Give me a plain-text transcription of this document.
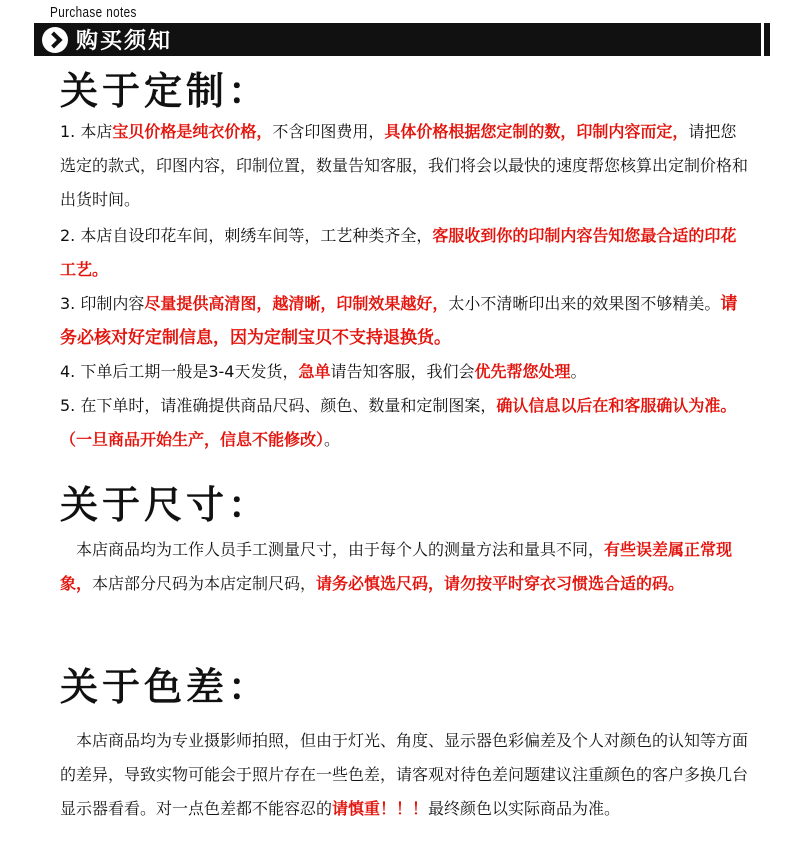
Purchase notes
购买须知
关于定制：

1. 本店宝贝价格是纯衣价格，不含印图费用，具体价格根据您定制的数，印制内容而定，请把您选定的款式，印图内容，印制位置，数量告知客服，我们将会以最快的速度帮您核算出定制价格和出货时间。

2. 本店自设印花车间，刺绣车间等，工艺种类齐全，客服收到你的印制内容告知您最合适的印花工艺。

3. 印制内容尽量提供高清图，越清晰，印制效果越好，太小不清晰印出来的效果图不够精美。请务必核对好定制信息，因为定制宝贝不支持退换货。

4. 下单后工期一般是3-4天发货，急单请告知客服，我们会优先帮您处理。

5. 在下单时，请准确提供商品尺码、颜色、数量和定制图案，确认信息以后在和客服确认为准。（一旦商品开始生产，信息不能修改）。

关于尺寸：

本店商品均为工作人员手工测量尺寸，由于每个人的测量方法和量具不同，有些误差属正常现象，本店部分尺码为本店定制尺码，请务必慎选尺码，请勿按平时穿衣习惯选合适的码。

关于色差：

本店商品均为专业摄影师拍照，但由于灯光、角度、显示器色彩偏差及个人对颜色的认知等方面的差异，导致实物可能会于照片存在一些色差，请客观对待色差问题建议注重颜色的客户多换几台显示器看看。对一点色差都不能容忍的请慎重！！！最终颜色以实际商品为准。
